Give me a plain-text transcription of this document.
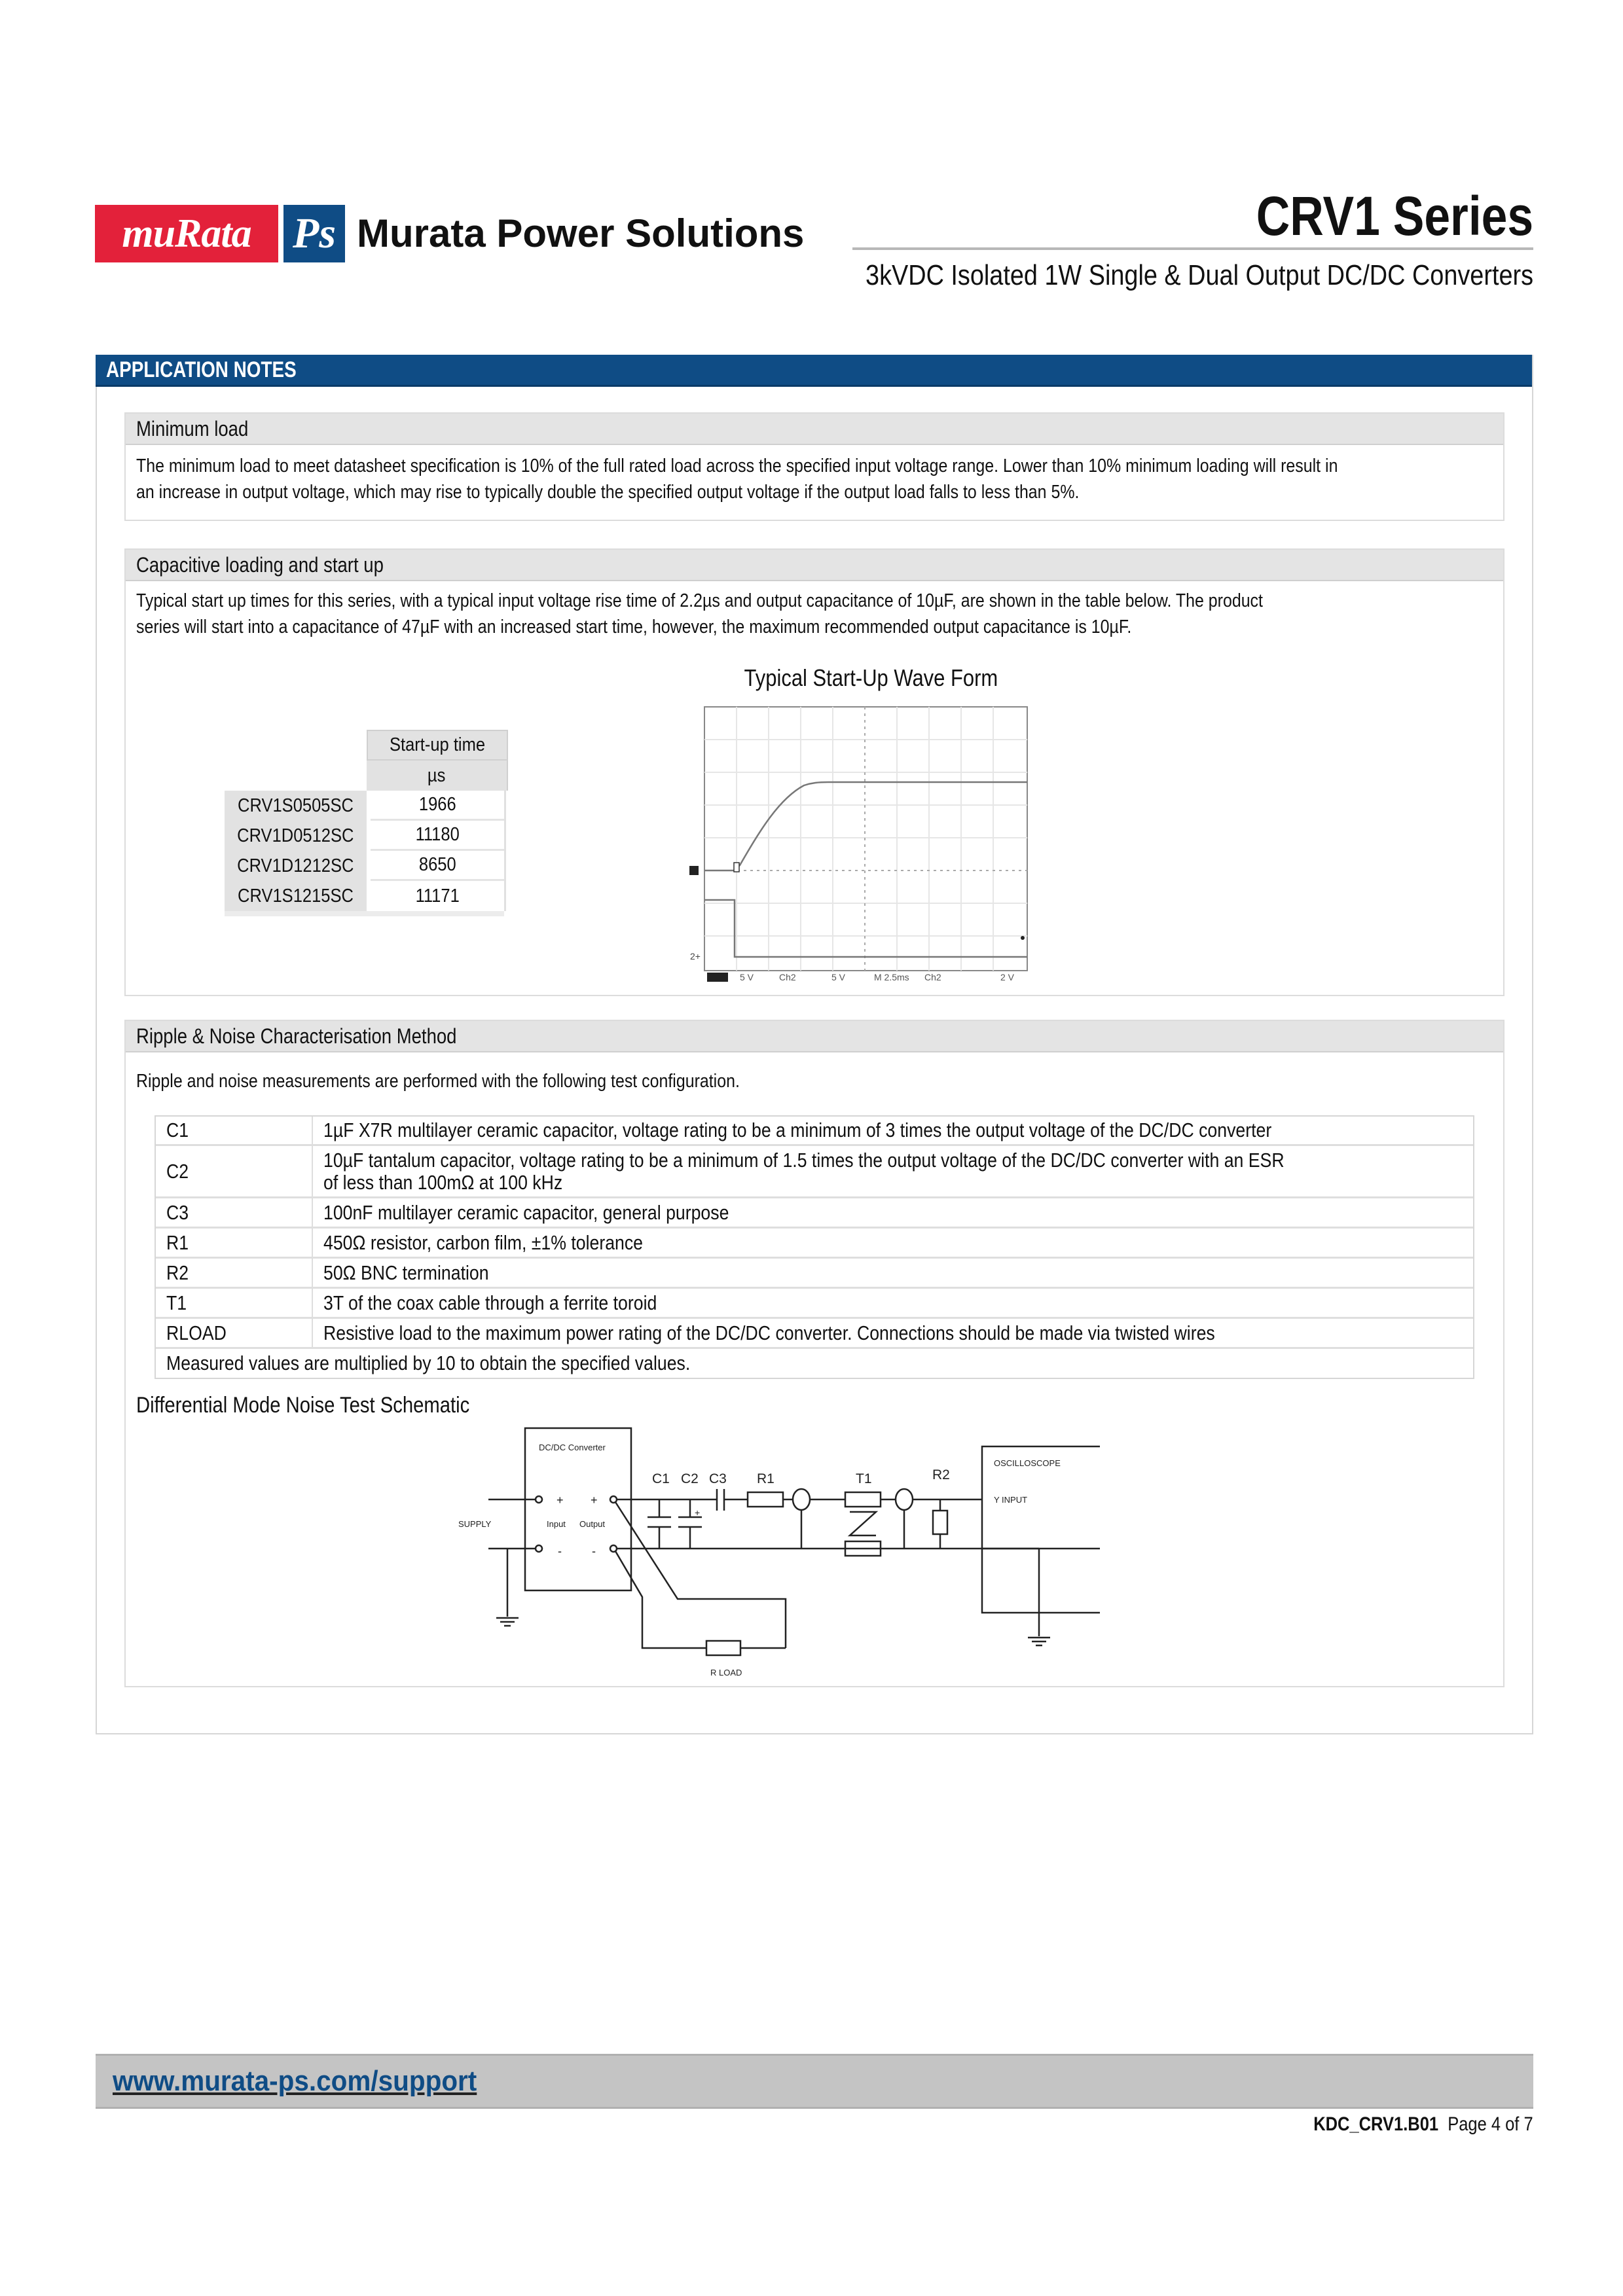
muRata Ps Murata Power Solutions	CRV1 Series
3kVDC Isolated 1W Single & Dual Output DC/DC Converters
APPLICATION NOTES
Minimum load
The minimum load to meet datasheet specification is 10% of the full rated load across the specified input voltage range. Lower than 10% minimum loading will result in
an increase in output voltage, which may rise to typically double the specified output voltage if the output load falls to less than 5%.
Capacitive loading and start up
Typical start up times for this series, with a typical input voltage rise time of 2.2µs and output capacitance of 10µF, are shown in the table below. The product
series will start into a capacitance of 47µF with an increased start time, however, the maximum recommended output capacitance is 10µF.
Start-up time
µs
CRV1S0505SC	1966
CRV1D0512SC	11180
CRV1D1212SC	8650
CRV1S1215SC	11171
Typical Start-Up Wave Form
2+
5 V	Ch2	5 V	M 2.5ms Ch2	2 V
Ripple & Noise Characterisation Method
Ripple and noise measurements are performed with the following test configuration.
C1	1µF X7R multilayer ceramic capacitor, voltage rating to be a minimum of 3 times the output voltage of the DC/DC converter
C2	10µF tantalum capacitor, voltage rating to be a minimum of 1.5 times the output voltage of the DC/DC converter with an ESR of less than 100mΩ at 100 kHz
C3	100nF multilayer ceramic capacitor, general purpose
R1	450Ω resistor, carbon film, ±1% tolerance
R2	50Ω BNC termination
T1	3T of the coax cable through a ferrite toroid
RLOAD	Resistive load to the maximum power rating of the DC/DC converter. Connections should be made via twisted wires
Measured values are multiplied by 10 to obtain the specified values.
Differential Mode Noise Test Schematic
DC/DC Converter
SUPPLY	Input Output
+ +
-	-
+
C1 C2 C3 R1	T1	R2
OSCILLOSCOPE
Y INPUT
R LOAD
www.murata-ps.com/support
KDC_CRV1.B01 Page 4 of 7
